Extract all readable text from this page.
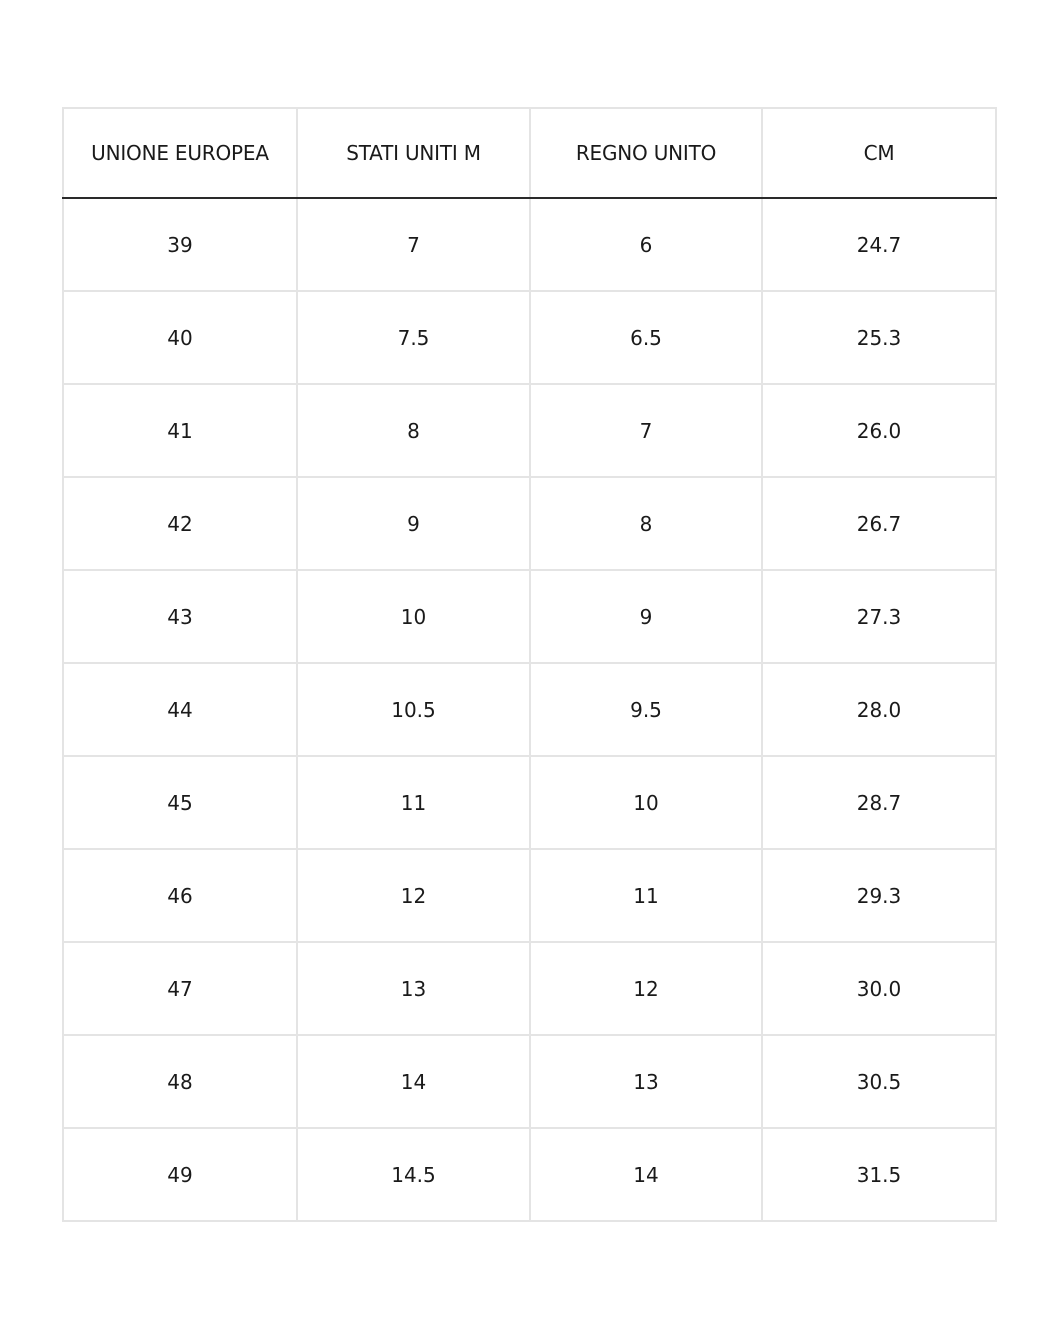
UNIONE EUROPEA	STATI UNITI M	REGNO UNITO	CM
39	7	6	24.7
40	7.5	6.5	25.3
41	8	7	26.0
42	9	8	26.7
43	10	9	27.3
44	10.5	9.5	28.0
45	11	10	28.7
46	12	11	29.3
47	13	12	30.0
48	14	13	30.5
49	14.5	14	31.5
